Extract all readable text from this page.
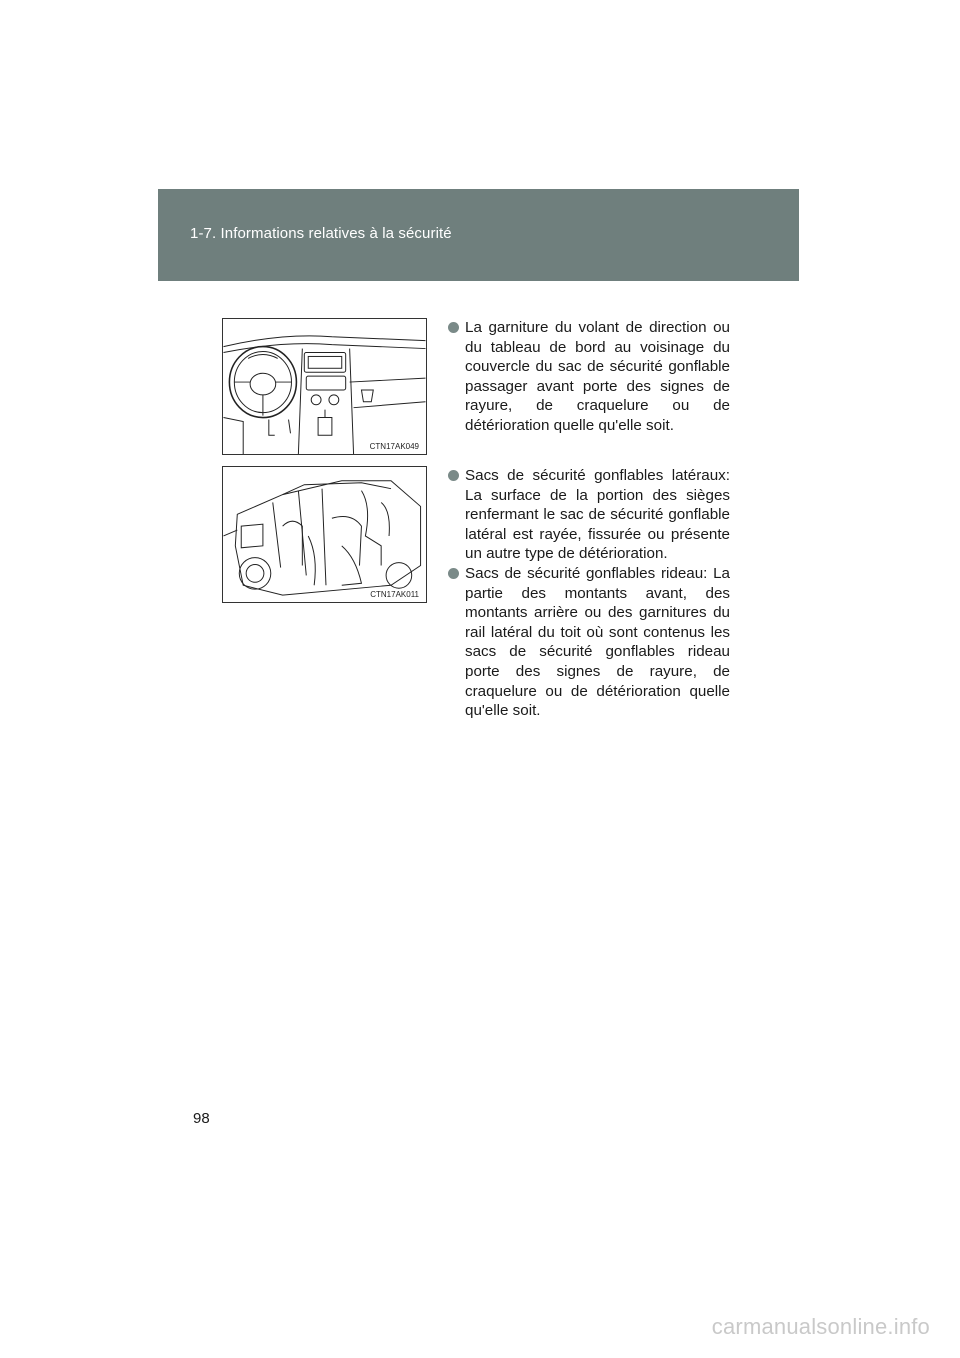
1-7. Informations relatives à la sécurité
CTN17AK049
CTN17AK011

La garniture du volant de direction ou du tableau de bord au voisinage du couvercle du sac de sécurité gonflable passager avant porte des signes de rayure, de craquelure ou de détérioration quelle qu'elle soit.

Sacs de sécurité gonflables latéraux: La surface de la portion des sièges renfermant le sac de sécurité gonflable latéral est rayée, fissurée ou présente un autre type de détérioration.

Sacs de sécurité gonflables rideau: La partie des montants avant, des montants arrière ou des garnitures du rail latéral du toit où sont contenus les sacs de sécurité gonflables rideau porte des signes de rayure, de craquelure ou de détérioration quelle qu'elle soit.

98
carmanualsonline.info
